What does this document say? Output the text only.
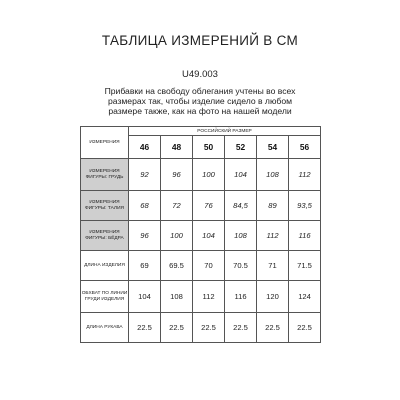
ТАБЛИЦА ИЗМЕРЕНИЙ В СМ
U49.003
Прибавки на свободу облегания учтены во всех размерах так, чтобы изделие сидело в любом размере также, как на фото на нашей модели
ИЗМЕРЕНИЯ	РОССИЙСКИЙ РАЗМЕР					
	46	48	50	52	54	56
ИЗМЕРЕНИЯ ФИГУРЫ: ГРУДЬ	92	96	100	104	108	112
ИЗМЕРЕНИЯ ФИГУРЫ: ТАЛИЯ	68	72	76	84,5	89	93,5
ИЗМЕРЕНИЯ ФИГУРЫ: БЁДРА	96	100	104	108	112	116
ДЛИНА ИЗДЕЛИЯ	69	69.5	70	70.5	71	71.5
ОБХВАТ ПО ЛИНИИ ГРУДИ ИЗДЕЛИЯ	104	108	112	116	120	124
ДЛИНА РУКАВА	22.5	22.5	22.5	22.5	22.5	22.5
